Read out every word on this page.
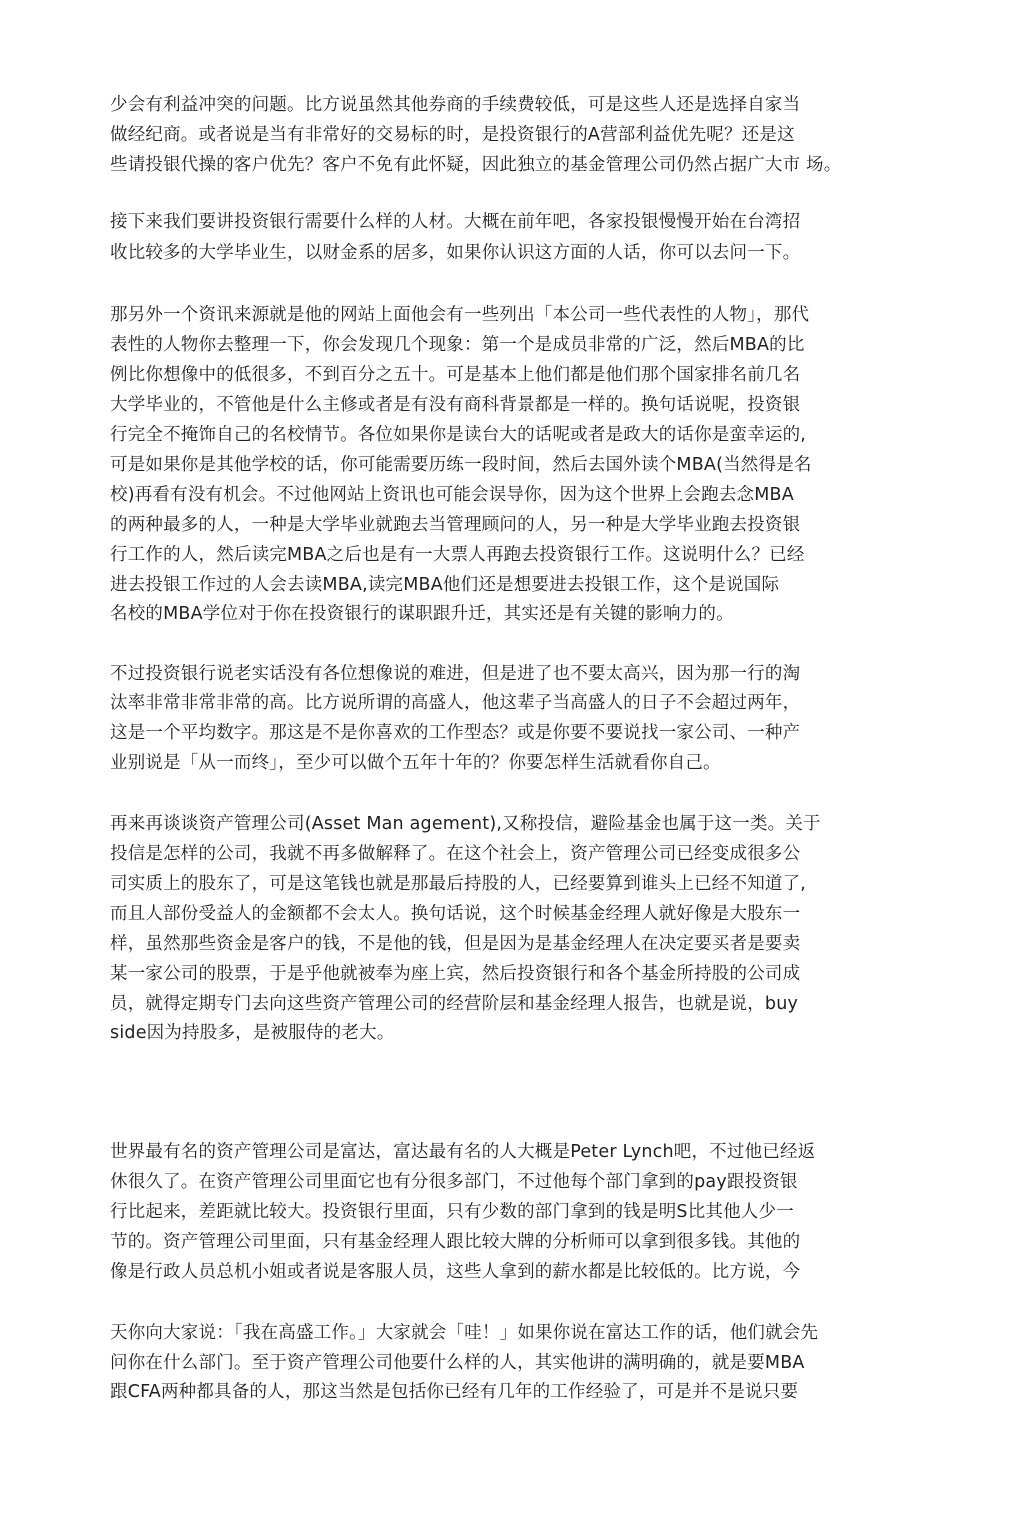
少会有利益冲突的问题。比方说虽然其他券商的手续费较低，可是这些人还是选择自家当
做经纪商。或者说是当有非常好的交易标的时，是投资银行的A营部利益优先呢？还是这
些请投银代操的客户优先？客户不免有此怀疑，因此独立的基金管理公司仍然占据广大市 场。
接下来我们要讲投资银行需要什么样的人材。大概在前年吧，各家投银慢慢开始在台湾招
收比较多的大学毕业生，以财金系的居多，如果你认识这方面的人话，你可以去问一下。
那另外一个资讯来源就是他的网站上面他会有一些列出「本公司一些代表性的人物」，那代
表性的人物你去整理一下，你会发现几个现象：第一个是成员非常的广泛，然后MBA的比
例比你想像中的低很多，不到百分之五十。可是基本上他们都是他们那个国家排名前几名
大学毕业的，不管他是什么主修或者是有没有商科背景都是一样的。换句话说呢，投资银
行完全不掩饰自己的名校情节。各位如果你是读台大的话呢或者是政大的话你是蛮幸运的,
可是如果你是其他学校的话，你可能需要历练一段时间，然后去国外读个MBA(当然得是名
校)再看有没有机会。不过他网站上资讯也可能会误导你，因为这个世界上会跑去念MBA
的两种最多的人，一种是大学毕业就跑去当管理顾问的人，另一种是大学毕业跑去投资银
行工作的人，然后读完MBA之后也是有一大票人再跑去投资银行工作。这说明什么？已经
进去投银工作过的人会去读MBA,读完MBA他们还是想要进去投银工作，这个是说国际
名校的MBA学位对于你在投资银行的谋职跟升迁，其实还是有关键的影响力的。
不过投资银行说老实话没有各位想像说的难进，但是进了也不要太高兴，因为那一行的淘
汰率非常非常非常的高。比方说所谓的高盛人，他这辈子当高盛人的日子不会超过两年，
这是一个平均数字。那这是不是你喜欢的工作型态？或是你要不要说找一家公司、一种产
业别说是「从一而终」，至少可以做个五年十年的？你要怎样生活就看你自己。
再来再谈谈资产管理公司(Asset Man agement),又称投信，避险基金也属于这一类。关于
投信是怎样的公司，我就不再多做解释了。在这个社会上，资产管理公司已经变成很多公
司实质上的股东了，可是这笔钱也就是那最后持股的人，已经要算到谁头上已经不知道了,
而且人部份受益人的金额都不会太人。换句话说，这个时候基金经理人就好像是大股东一
样，虽然那些资金是客户的钱，不是他的钱，但是因为是基金经理人在决定要买者是要卖
某一家公司的股票，于是乎他就被奉为座上宾，然后投资银行和各个基金所持股的公司成
员，就得定期专门去向这些资产管理公司的经营阶层和基金经理人报告，也就是说，buy
side因为持股多，是被服侍的老大。
世界最有名的资产管理公司是富达，富达最有名的人大概是Peter Lynch吧，不过他已经返
休很久了。在资产管理公司里面它也有分很多部门，不过他每个部门拿到的pay跟投资银
行比起来，差距就比较大。投资银行里面，只有少数的部门拿到的钱是明S比其他人少一
节的。资产管理公司里面，只有基金经理人跟比较大牌的分析师可以拿到很多钱。其他的
像是行政人员总机小姐或者说是客服人员，这些人拿到的薪水都是比较低的。比方说，今
天你向大家说：「我在高盛工作。」大家就会「哇！」如果你说在富达工作的话，他们就会先
问你在什么部门。至于资产管理公司他要什么样的人，其实他讲的满明确的，就是要MBA
跟CFA两种都具备的人，那这当然是包括你已经有几年的工作经验了，可是并不是说只要
